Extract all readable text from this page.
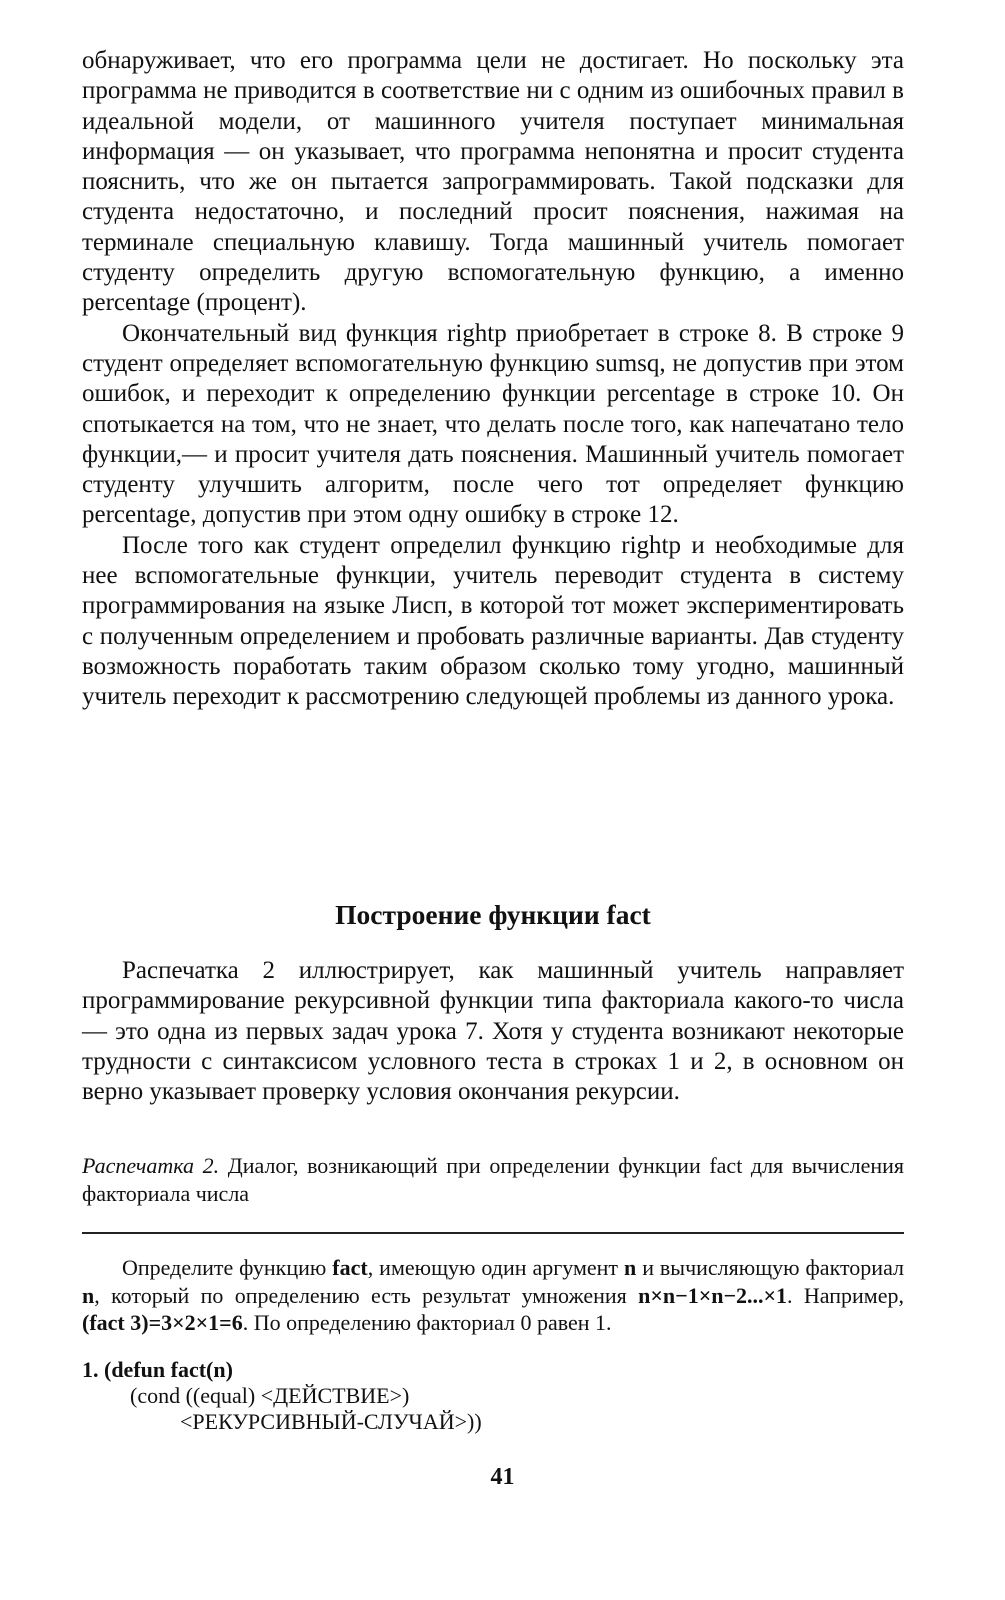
обнаруживает, что его программа цели не достигает. Но поскольку эта программа не приводится в соответствие ни с одним из ошибочных правил в идеальной модели, от машинного учителя поступает минимальная информация — он указывает, что программа непонятна и просит студента пояснить, что же он пытается запрограммировать. Такой подсказки для студента недостаточно, и последний просит пояснения, нажимая на терминале специальную клавишу. Тогда машинный учитель помогает студенту определить другую вспомогательную функцию, а именно percentage (процент).

Окончательный вид функция rightp приобретает в строке 8. В строке 9 студент определяет вспомогательную функцию sumsq, не допустив при этом ошибок, и переходит к определению функции percentage в строке 10. Он спотыкается на том, что не знает, что делать после того, как напечатано тело функции,— и просит учителя дать пояснения. Машинный учитель помогает студенту улучшить алгоритм, после чего тот определяет функцию percentage, допустив при этом одну ошибку в строке 12.

После того как студент определил функцию rightp и необходимые для нее вспомогательные функции, учитель переводит студента в систему программирования на языке Лисп, в которой тот может экспериментировать с полученным определением и пробовать различные варианты. Дав студенту возможность поработать таким образом сколько тому угодно, машинный учитель переходит к рассмотрению следующей проблемы из данного урока.

Построение функции fact

Распечатка 2 иллюстрирует, как машинный учитель направляет программирование рекурсивной функции типа факториала какого-то числа — это одна из первых задач урока 7. Хотя у студента возникают некоторые трудности с синтаксисом условного теста в строках 1 и 2, в основном он верно указывает проверку условия окончания рекурсии.

Распечатка 2. Диалог, возникающий при определении функции fact для вычисления факториала числа
Определите функцию fact, имеющую один аргумент n и вычисляющую факториал n, который по определению есть результат умножения n×n−1×n−2...×1. Например, (fact 3)=3×2×1=6. По определению факториал 0 равен 1.
1. (defun fact(n)
(cond ((equal) <ДЕЙСТВИЕ>)
<РЕКУРСИВНЫЙ-СЛУЧАЙ>))
41
